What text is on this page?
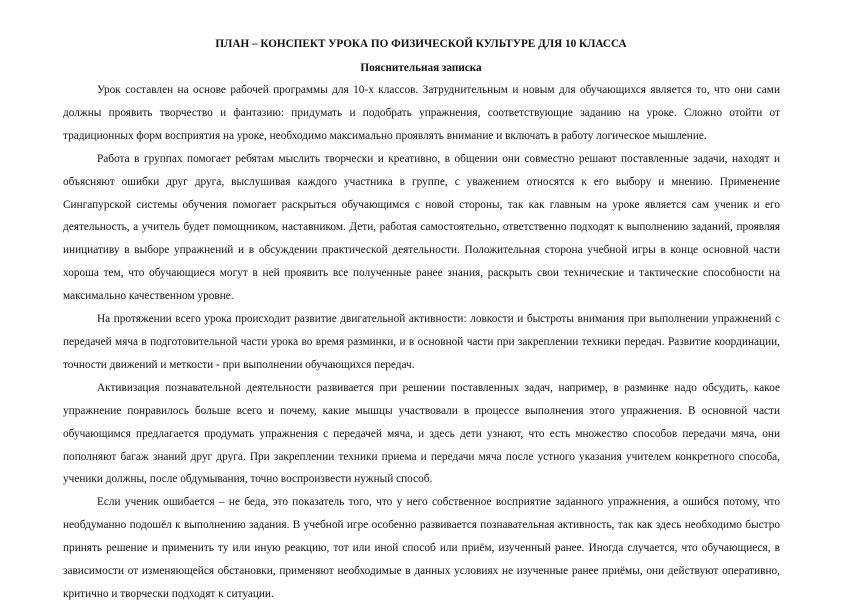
ПЛАН – КОНСПЕКТ УРОКА ПО ФИЗИЧЕСКОЙ КУЛЬТУРЕ ДЛЯ 10 КЛАССА
Пояснительная записка

Урок составлен на основе рабочей программы для 10-х классов. Затруднительным и новым для обучающихся является то, что они сами должны проявить творчество и фантазию: придумать и подобрать упражнения, соответствующие заданию на уроке. Сложно отойти от традиционных форм восприятия на уроке, необходимо максимально проявлять внимание и включать в работу логическое мышление.

Работа в группах помогает ребятам мыслить творчески и креативно, в общении они совместно решают поставленные задачи, находят и объясняют ошибки друг друга, выслушивая каждого участника в группе, с уважением относятся к его выбору и мнению. Применение Сингапурской системы обучения помогает раскрыться обучающимся с новой стороны, так как главным на уроке является сам ученик и его деятельность, а учитель будет помощником, наставником. Дети, работая самостоятельно, ответственно подходят к выполнению заданий, проявляя инициативу в выборе упражнений и в обсуждении практической деятельности. Положительная сторона учебной игры в конце основной части хороша тем, что обучающиеся могут в ней проявить все полученные ранее знания, раскрыть свои технические и тактические способности на максимально качественном уровне.

На протяжении всего урока происходит развитие двигательной активности: ловкости и быстроты внимания при выполнении упражнений с передачей мяча в подготовительной части урока во время разминки, и в основной части при закреплении техники передач. Развитие координации, точности движений и меткости - при выполнении обучающихся передач.

Активизация познавательной деятельности развивается при решении поставленных задач, например, в разминке надо обсудить, какое упражнение понравилось больше всего и почему, какие мышцы участвовали в процессе выполнения этого упражнения. В основной части обучающимся предлагается продумать упражнения с передачей мяча, и здесь дети узнают, что есть множество способов передачи мяча, они пополняют багаж знаний друг друга. При закреплении техники приема и передачи мяча после устного указания учителем конкретного способа, ученики должны, после обдумывания, точно воспроизвести нужный способ.

Если ученик ошибается – не беда, это показатель того, что у него собственное восприятие заданного упражнения, а ошибся потому, что необдуманно подошёл к выполнению задания. В учебной игре особенно развивается познавательная активность, так как здесь необходимо быстро принять решение и применить ту или иную реакцию, тот или иной способ или приём, изученный ранее. Иногда случается, что обучающиеся, в зависимости от изменяющейся обстановки, применяют необходимые в данных условиях не изученные ранее приёмы, они действуют оперативно, критично и творчески подходят к ситуации.
